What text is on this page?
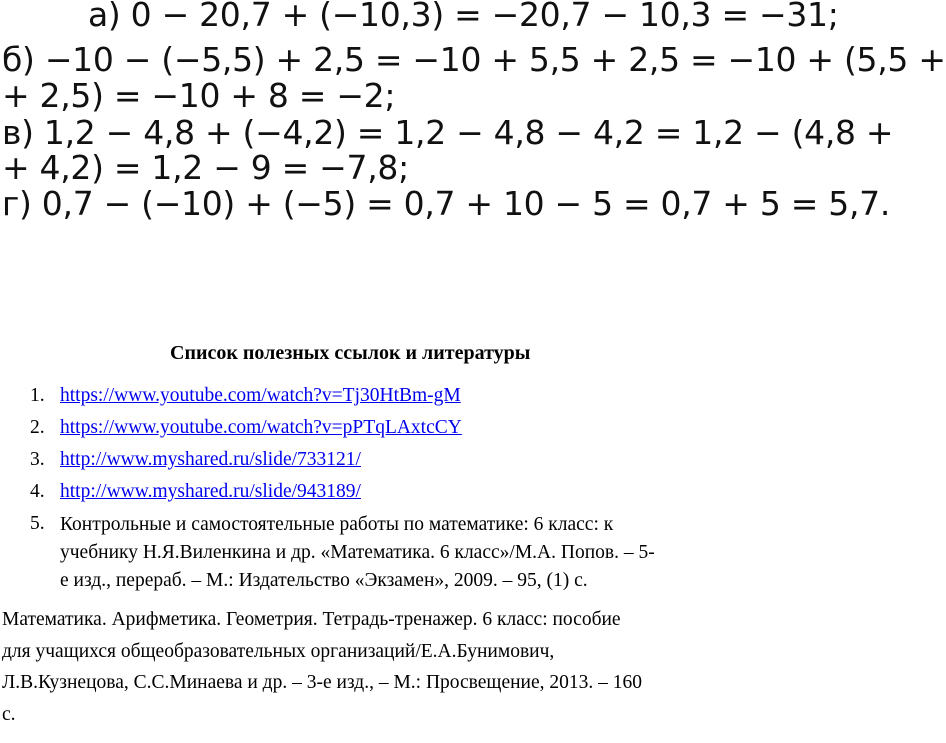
а) 0 − 20,7 + (−10,3) = −20,7 − 10,3 = −31;
б) −10 − (−5,5) + 2,5 = −10 + 5,5 + 2,5 = −10 + (5,5 +
+ 2,5) = −10 + 8 = −2;
в) 1,2 − 4,8 + (−4,2) = 1,2 − 4,8 − 4,2 = 1,2 − (4,8 +
+ 4,2) = 1,2 − 9 = −7,8;
г) 0,7 − (−10) + (−5) = 0,7 + 10 − 5 = 0,7 + 5 = 5,7.
Список полезных ссылок и литературы
1. https://www.youtube.com/watch?v=Tj30HtBm-gM
2. https://www.youtube.com/watch?v=pPTqLAxtcCY
3. http://www.myshared.ru/slide/733121/
4. http://www.myshared.ru/slide/943189/
5. Контрольные и самостоятельные работы по математике: 6 класс: к
учебнику Н.Я.Виленкина и др. «Математика. 6 класс»/М.А. Попов. – 5-
е изд., перераб. – М.: Издательство «Экзамен», 2009. – 95, (1) с.
Математика. Арифметика. Геометрия. Тетрадь-тренажер. 6 класс: пособие
для учащихся общеобразовательных организаций/Е.А.Бунимович,
Л.В.Кузнецова, С.С.Минаева и др. – 3-е изд., – М.: Просвещение, 2013. – 160
с.
